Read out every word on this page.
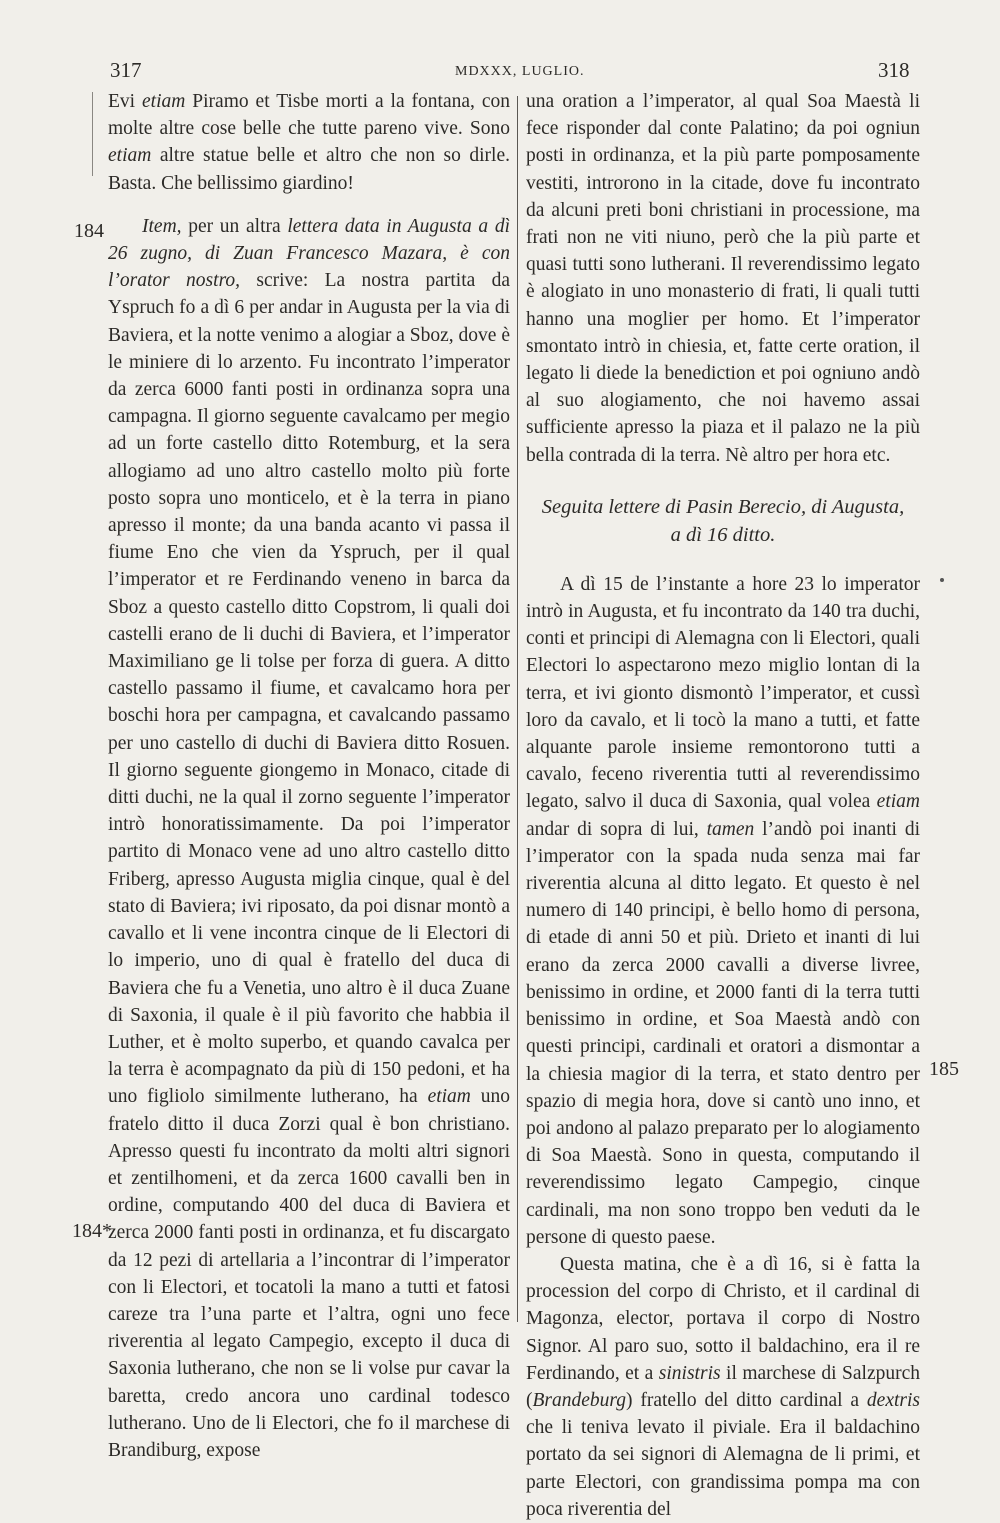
317	MDXXX, LUGLIO.	318
184
184*
185

Evi etiam Piramo et Tisbe morti a la fontana, con molte altre cose belle che tutte pareno vive. Sono etiam altre statue belle et altro che non so dirle. Basta. Che bellissimo giardino!

Item, per un altra lettera data in Augusta a dì 26 zugno, di Zuan Francesco Mazara, è con l’orator nostro, scrive: La nostra partita da Yspruch fo a dì 6 per andar in Augusta per la via di Baviera, et la notte venimo a alogiar a Sboz, dove è le miniere di lo arzento. Fu incontrato l’imperator da zerca 6000 fanti posti in ordinanza sopra una campagna. Il giorno seguente cavalcamo per megio ad un forte castello ditto Rotemburg, et la sera allogiamo ad uno altro castello molto più forte posto sopra uno monticelo, et è la terra in piano apresso il monte; da una banda acanto vi passa il fiume Eno che vien da Yspruch, per il qual l’imperator et re Ferdinando veneno in barca da Sboz a questo castello ditto Copstrom, li quali doi castelli erano de li duchi di Baviera, et l’imperator Maximiliano ge li tolse per forza di guera. A ditto castello passamo il fiume, et cavalcamo hora per boschi hora per campagna, et cavalcando passamo per uno castello di duchi di Baviera ditto Rosuen. Il giorno seguente giongemo in Monaco, citade di ditti duchi, ne la qual il zorno seguente l’imperator intrò honoratissimamente. Da poi l’imperator partito di Monaco vene ad uno altro castello ditto Friberg, apresso Augusta miglia cinque, qual è del stato di Baviera; ivi riposato, da poi disnar montò a cavallo et li vene incontra cinque de li Electori di lo imperio, uno di qual è fratello del duca di Baviera che fu a Venetia, uno altro è il duca Zuane di Saxonia, il quale è il più favorito che habbia il Luther, et è molto superbo, et quando cavalca per la terra è acompagnato da più di 150 pedoni, et ha uno figliolo similmente lutherano, ha etiam uno fratelo ditto il duca Zorzi qual è bon christiano. Apresso questi fu incontrato da molti altri signori et zentilhomeni, et da zerca 1600 cavalli ben in ordine, computando 400 del duca di Baviera et zerca 2000 fanti posti in ordinanza, et fu discargato da 12 pezi di artellaria a l’incontrar di l’imperator con li Electori, et tocatoli la mano a tutti et fatosi careze tra l’una parte et l’altra, ogni uno fece riverentia al legato Campegio, excepto il duca di Saxonia lutherano, che non se li volse pur cavar la baretta, credo ancora uno cardinal todesco lutherano. Uno de li Electori, che fo il marchese di Brandiburg, expose

una oration a l’imperator, al qual Soa Maestà li fece risponder dal conte Palatino; da poi ogniun posti in ordinanza, et la più parte pomposamente vestiti, introrono in la citade, dove fu incontrato da alcuni preti boni christiani in processione, ma frati non ne viti niuno, però che la più parte et quasi tutti sono lutherani. Il reverendissimo legato è alogiato in uno monasterio di frati, li quali tutti hanno una moglier per homo. Et l’imperator smontato intrò in chiesia, et, fatte certe oration, il legato li diede la benediction et poi ogniuno andò al suo alogiamento, che noi havemo assai sufficiente apresso la piaza et il palazo ne la più bella contrada di la terra. Nè altro per hora etc.

Seguita lettere di Pasin Berecio, di Augusta,
a dì 16 ditto.

A dì 15 de l’instante a hore 23 lo imperator intrò in Augusta, et fu incontrato da 140 tra duchi, conti et principi di Alemagna con li Electori, quali Electori lo aspectarono mezo miglio lontan di la terra, et ivi gionto dismontò l’imperator, et cussì loro da cavalo, et li tocò la mano a tutti, et fatte alquante parole insieme remontorono tutti a cavalo, feceno riverentia tutti al reverendissimo legato, salvo il duca di Saxonia, qual volea etiam andar di sopra di lui, tamen l’andò poi inanti di l’imperator con la spada nuda senza mai far riverentia alcuna al ditto legato. Et questo è nel numero di 140 principi, è bello homo di persona, di etade di anni 50 et più. Drieto et inanti di lui erano da zerca 2000 cavalli a diverse livree, benissimo in ordine, et 2000 fanti di la terra tutti benissimo in ordine, et Soa Maestà andò con questi principi, cardinali et oratori a dismontar a la chiesia magior di la terra, et stato dentro per spazio di megia hora, dove si cantò uno inno, et poi andono al palazo preparato per lo alogiamento di Soa Maestà. Sono in questa, computando il reverendissimo legato Campegio, cinque cardinali, ma non sono troppo ben veduti da le persone di questo paese.

Questa matina, che è a dì 16, si è fatta la procession del corpo di Christo, et il cardinal di Magonza, elector, portava il corpo di Nostro Signor. Al paro suo, sotto il baldachino, era il re Ferdinando, et a sinistris il marchese di Salzpurch (Brandeburg) fratello del ditto cardinal a dextris che li teniva levato il piviale. Era il baldachino portato da sei signori di Alemagna de li primi, et parte Electori, con grandissima pompa ma con poca riverentia del
